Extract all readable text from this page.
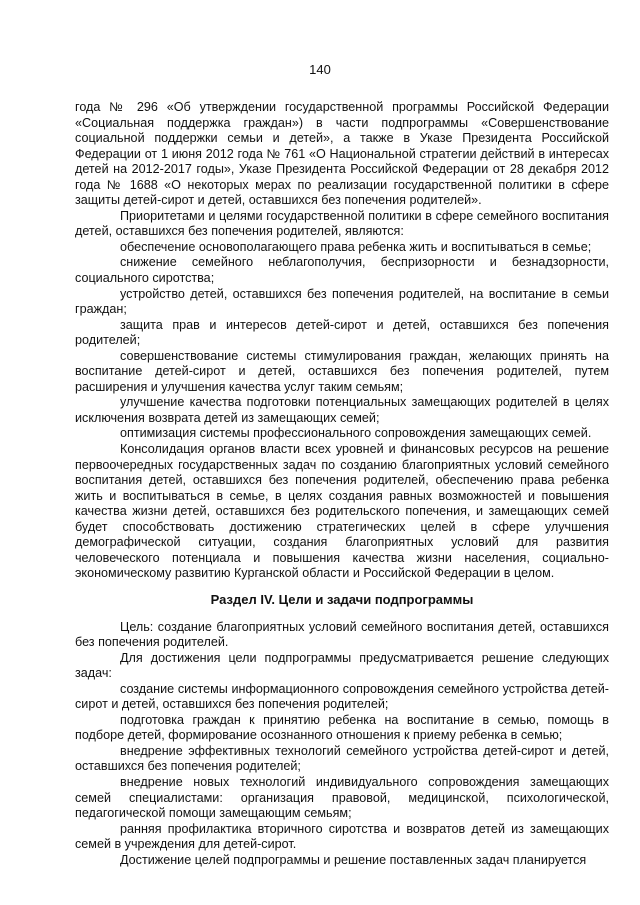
140

года № 296 «Об утверждении государственной программы Российской Федерации «Социальная поддержка граждан») в части подпрограммы «Совершенствование социальной поддержки семьи и детей», а также в Указе Президента Российской Федерации от 1 июня 2012 года № 761 «О Национальной стратегии действий в интересах детей на 2012-2017 годы», Указе Президента Российской Федерации от 28 декабря 2012 года № 1688 «О некоторых мерах по реализации государственной политики в сфере защиты детей-сирот и детей, оставшихся без попечения родителей».

Приоритетами и целями государственной политики в сфере семейного воспитания детей, оставшихся без попечения родителей, являются:

обеспечение основополагающего права ребенка жить и воспитываться в семье;

снижение семейного неблагополучия, беспризорности и безнадзорности, социального сиротства;

устройство детей, оставшихся без попечения родителей, на воспитание в семьи граждан;

защита прав и интересов детей-сирот и детей, оставшихся без попечения родителей;

совершенствование системы стимулирования граждан, желающих принять на воспитание детей-сирот и детей, оставшихся без попечения родителей, путем расширения и улучшения качества услуг таким семьям;

улучшение качества подготовки потенциальных замещающих родителей в целях исключения возврата детей из замещающих семей;

оптимизация системы профессионального сопровождения замещающих семей.

Консолидация органов власти всех уровней и финансовых ресурсов на решение первоочередных государственных задач по созданию благоприятных условий семейного воспитания детей, оставшихся без попечения родителей, обеспечению права ребенка жить и воспитываться в семье, в целях создания равных возможностей и повышения качества жизни детей, оставшихся без родительского попечения, и замещающих семей будет способствовать достижению стратегических целей в сфере улучшения демографической ситуации, создания благоприятных условий для развития человеческого потенциала и повышения качества жизни населения, социально-экономическому развитию Курганской области и Российской Федерации в целом.

Раздел IV. Цели и задачи подпрограммы

Цель: создание благоприятных условий семейного воспитания детей, оставшихся без попечения родителей.

Для достижения цели подпрограммы предусматривается решение следующих задач:

создание системы информационного сопровождения семейного устройства детей-сирот и детей, оставшихся без попечения родителей;

подготовка граждан к принятию ребенка на воспитание в семью, помощь в подборе детей, формирование осознанного отношения к приему ребенка в семью;

внедрение эффективных технологий семейного устройства детей-сирот и детей, оставшихся без попечения родителей;

внедрение новых технологий индивидуального сопровождения замещающих семей специалистами: организация правовой, медицинской, психологической, педагогической помощи замещающим семьям;

ранняя профилактика вторичного сиротства и возвратов детей из замещающих семей в учреждения для детей-сирот.

Достижение целей подпрограммы и решение поставленных задач планируется
